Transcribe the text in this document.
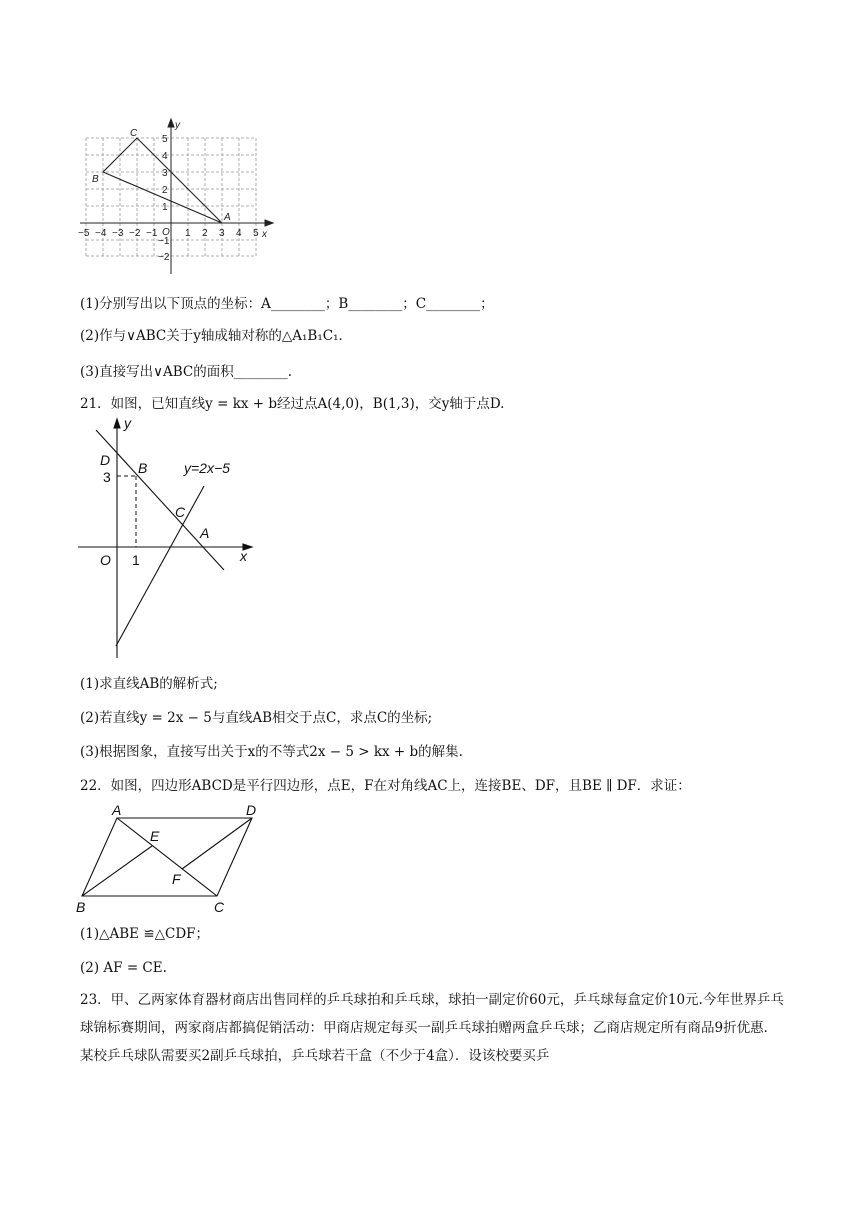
y
x
O
−5 −4 −3 −2 −1	1 2 3 4 5
1
2
3
4
5
−1
−2
A
B
C
(1)分别写出以下顶点的坐标：A________；B________；C________；
(2)作与∨ABC关于y轴成轴对称的△A₁B₁C₁．
(3)直接写出∨ABC的面积________.
21．如图，已知直线y = kx + b经过点A(4,0)，B(1,3)，交y轴于点D.
y
x
O
D B
C
A
3
1
y=2x−5
(1)求直线AB的解析式;
(2)若直线y = 2x − 5与直线AB相交于点C，求点C的坐标;
(3)根据图象，直接写出关于x的不等式2x − 5 > kx + b的解集.
22．如图，四边形ABCD是平行四边形，点E，F在对角线AC上，连接BE、DF，且BE ∥ DF．求证：
A	D
E
F
B	C
(1)△ABE ≌△CDF；
(2) AF = CE.
23．甲、乙两家体育器材商店出售同样的乒乓球拍和乒乓球，球拍一副定价60元，乒乓球每盒定价10元.今年世界乒乓球锦标赛期间，两家商店都搞促销活动：甲商店规定每买一副乒乓球拍赠两盒乒乓球；乙商店规定所有商品9折优惠．某校乒乓球队需要买2副乒乓球拍，乒乓球若干盒（不少于4盒）．设该校要买乒
